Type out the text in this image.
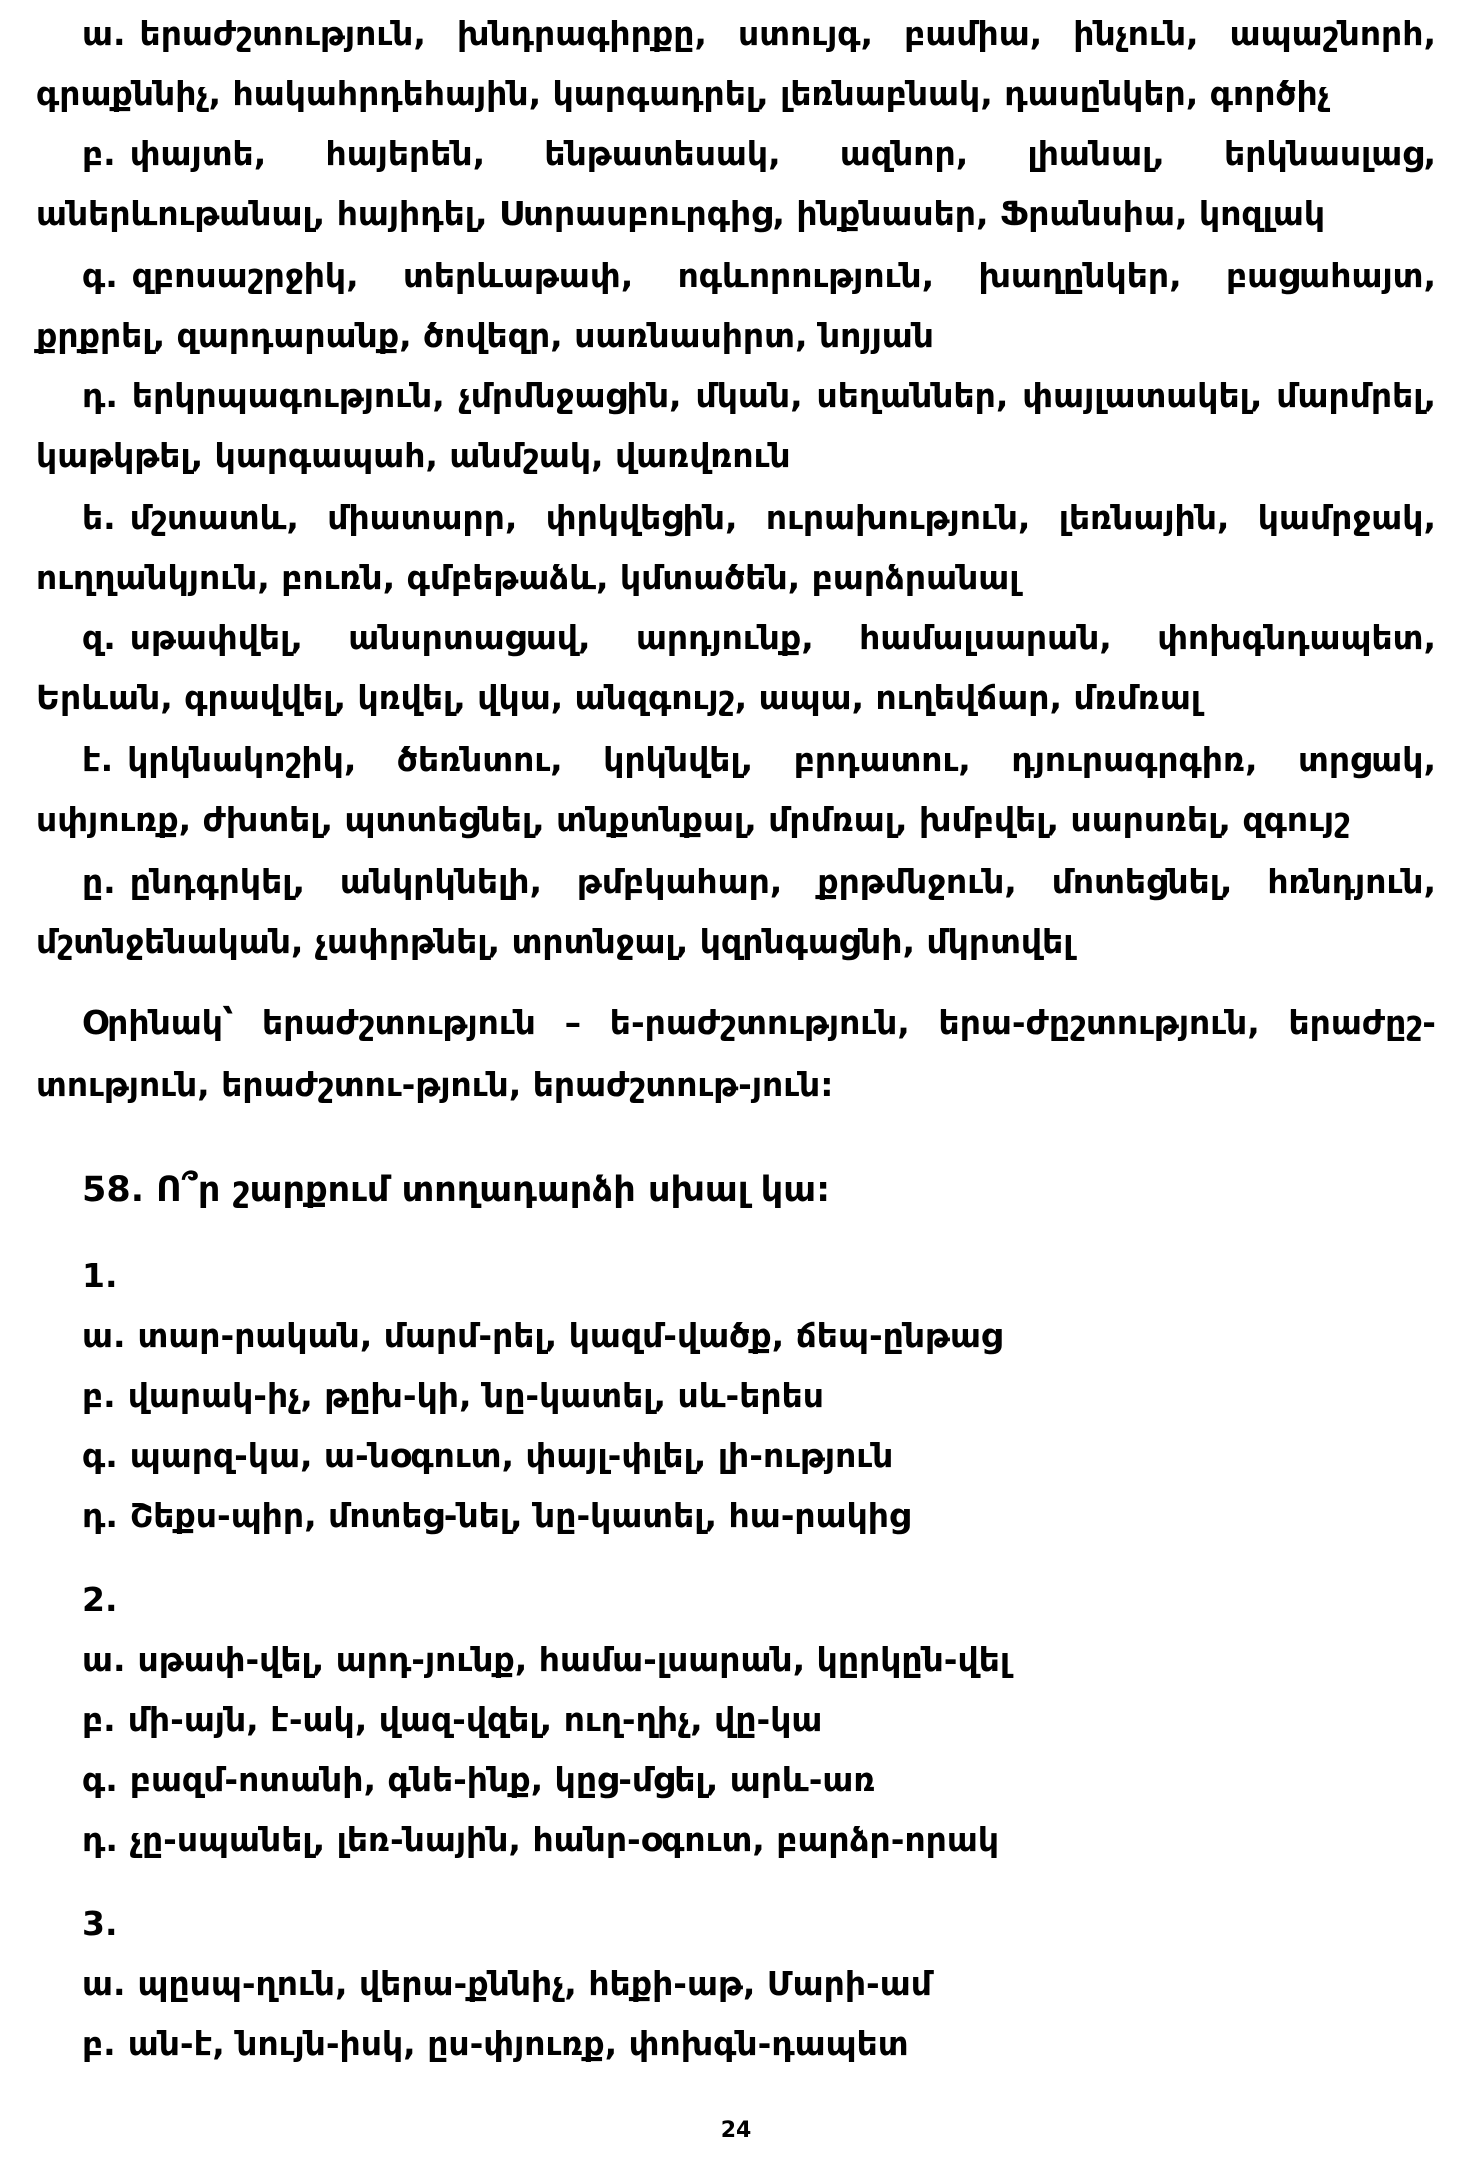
ա. երաժշտություն, խնդրագիրքը, ստույգ, բամիա, ինչուն, ապաշնորհ,
գրաքննիչ, հակահրդեհային, կարգադրել, լեռնաբնակ, դասընկեր, գործիչ
բ. փայտե, հայերեն, ենթատեսակ, ազնոր, լիանալ, երկնասլաց,
աներևութանալ, հայիդել, Ստրասբուրգից, ինքնասեր, Ֆրանսիա, կոզլակ
գ. զբոսաշրջիկ, տերևաթափ, ոգևորություն, խաղընկեր, բացահայտ,
քրքրել, զարդարանք, ծովեզր, սառնասիրտ, նոյյան
դ. երկրպագություն, չմրմնջացին, մկան, սեղաններ, փայլատակել, մարմրել,
կաթկթել, կարգապահ, անմշակ, վառվռուն
ե. մշտատև, միատարր, փրկվեցին, ուրախություն, լեռնային, կամրջակ,
ուղղանկյուն, բուռն, գմբեթաձև, կմտածեն, բարձրանալ
զ. սթափվել, անսրտացավ, արդյունք, համալսարան, փոխգնդապետ,
Երևան, գրավվել, կռվել, վկա, անզգույշ, ապա, ուղեվճար, մռմռալ
է. կրկնակոշիկ, ծեռնտու, կրկնվել, բրդատու, դյուրագրգիռ, տրցակ,
սփյուռք, ժխտել, պտտեցնել, տնքտնքալ, մրմռալ, խմբվել, սարսռել, զգույշ
ը. ընդգրկել, անկրկնելի, թմբկահար, քրթմնջուն, մոտեցնել, հռնդյուն,
մշտնջենական, չափրթնել, տրտնջալ, կզրնգացնի, մկրտվել
Օրինակ՝ երաժշտություն – ե-րաժշտություն, երա-ժըշտություն, երաժըշ-
տություն, երաժշտու-թյուն, երաժշտութ-յուն:
58. Ո՞ր շարքում տողադարձի սխալ կա:
1.
ա. տար-րական, մարմ-րել, կազմ-վածք, ճեպ-ընթաց
բ. վարակ-իչ, թըխ-կի, նը-կատել, սև-երես
գ. պարզ-կա, ա-նօգուտ, փայլ-փլել, լի-ություն
դ. Շեքս-պիր, մոտեց-նել, նը-կատել, հա-րակից
2.
ա. սթափ-վել, արդ-յունք, համա-լսարան, կըրկըն-վել
բ. մի-այն, է-ակ, վազ-վզել, ուղ-ղիչ, վը-կա
գ. բազմ-ոտանի, գնե-ինք, կըց-մցել, արև-առ
դ. չը-սպանել, լեռ-նային, հանր-օգուտ, բարձր-որակ
3.
ա. պըսպ-ղուն, վերա-քննիչ, հեքի-աթ, Մարի-ամ
բ. ան-է, նույն-իսկ, ըս-փյուռք, փոխգն-դապետ
24
